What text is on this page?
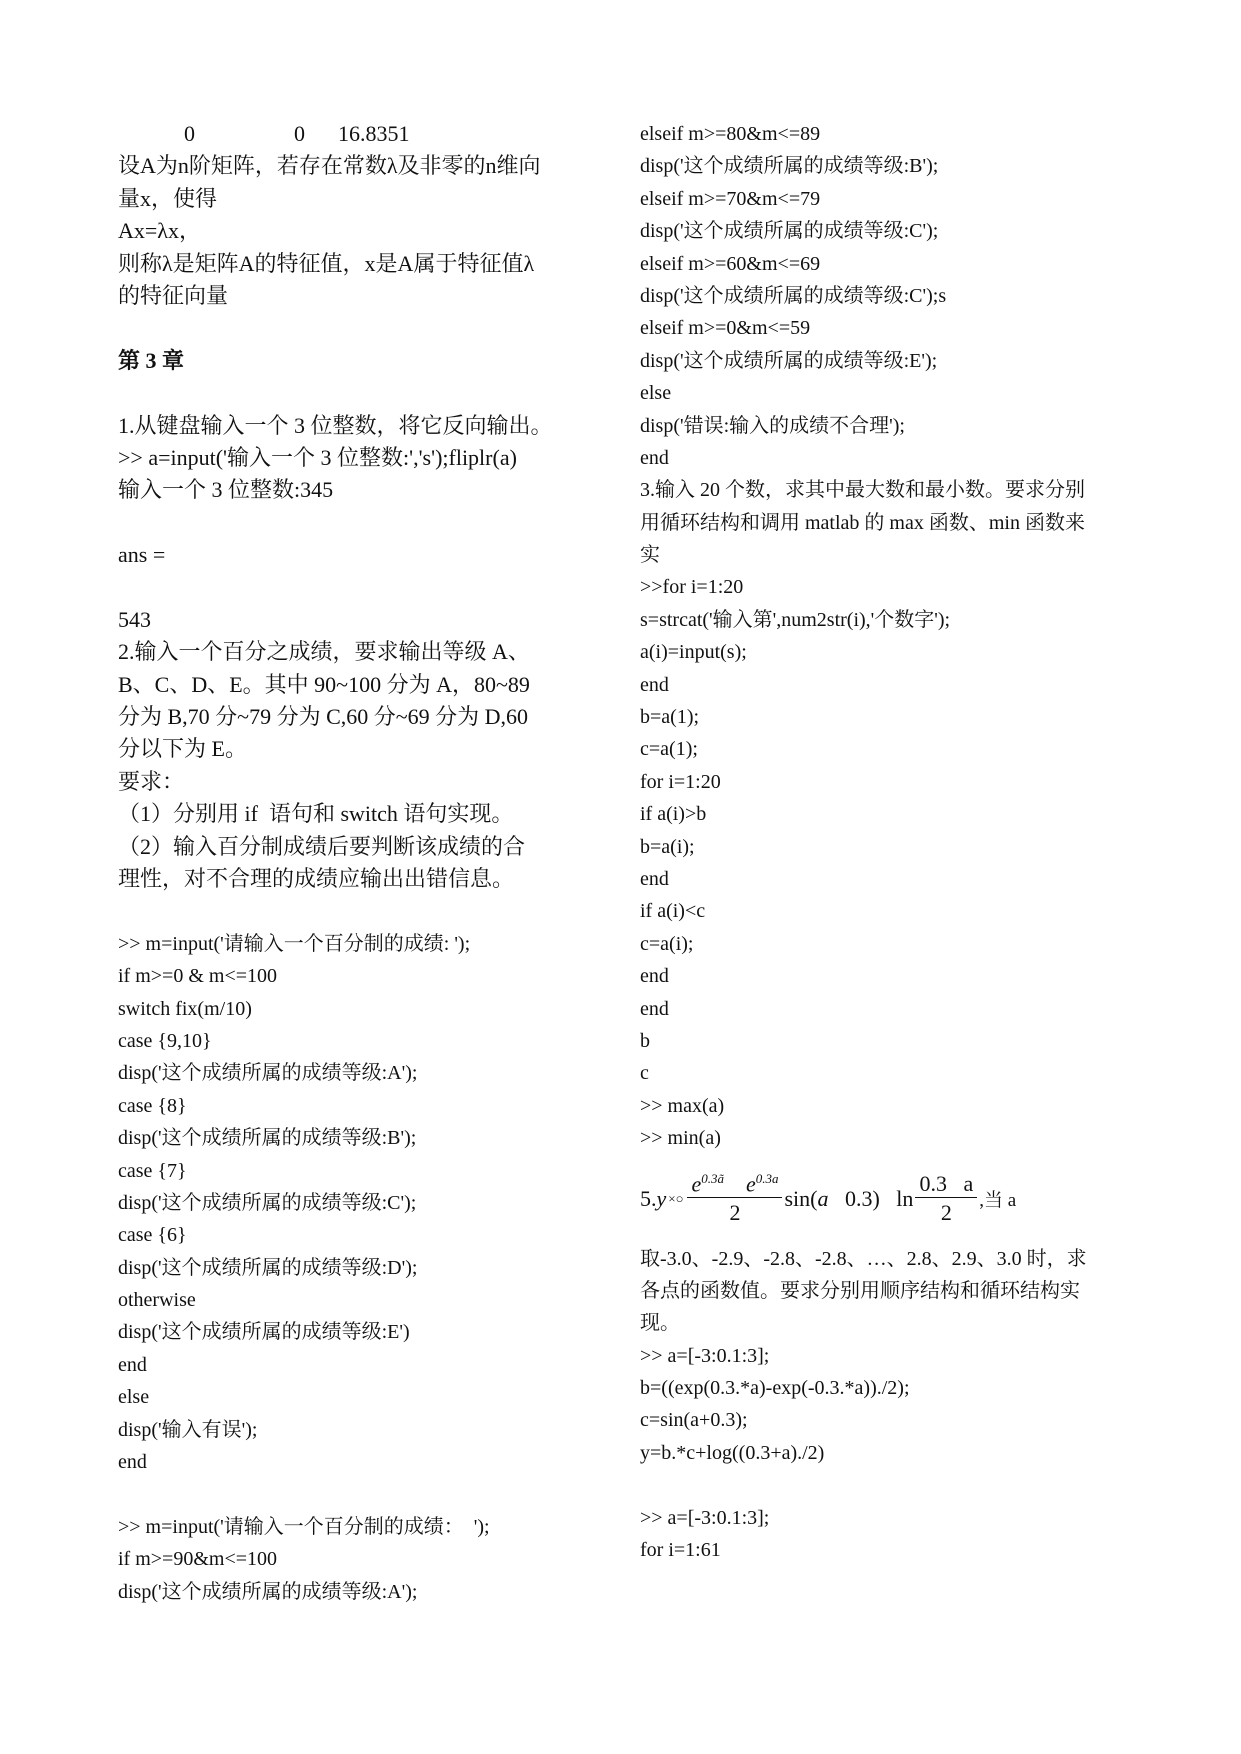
0                  0      16.8351
设A为n阶矩阵，若存在常数λ及非零的n维向
量x，使得
Ax=λx，
则称λ是矩阵A的特征值，x是A属于特征值λ
的特征向量
第 3 章
1.从键盘输入一个 3 位整数，将它反向输出。
>> a=input('输入一个 3 位整数:','s');fliplr(a)
输入一个 3 位整数:345
ans =
543
2.输入一个百分之成绩，要求输出等级 A、
B、C、D、E。其中 90~100 分为 A，80~89
分为 B,70 分~79 分为 C,60 分~69 分为 D,60
分以下为 E。
要求：
（1）分别用 if  语句和 switch 语句实现。
（2）输入百分制成绩后要判断该成绩的合
理性，对不合理的成绩应输出出错信息。
>> m=input('请输入一个百分制的成绩: ');
if m>=0 & m<=100
switch fix(m/10)
case {9,10}
disp('这个成绩所属的成绩等级:A');
case {8}
disp('这个成绩所属的成绩等级:B');
case {7}
disp('这个成绩所属的成绩等级:C');
case {6}
disp('这个成绩所属的成绩等级:D');
otherwise
disp('这个成绩所属的成绩等级:E')
end
else
disp('输入有误');
end
>> m=input('请输入一个百分制的成绩：  ');
if m>=90&m<=100
disp('这个成绩所属的成绩等级:A');
elseif m>=80&m<=89
disp('这个成绩所属的成绩等级:B');
elseif m>=70&m<=79
disp('这个成绩所属的成绩等级:C');
elseif m>=60&m<=69
disp('这个成绩所属的成绩等级:C');s
elseif m>=0&m<=59
disp('这个成绩所属的成绩等级:E');
else
disp('错误:输入的成绩不合理');
end
3.输入 20 个数，求其中最大数和最小数。要求分别
用循环结构和调用 matlab 的 max 函数、min 函数来
实
>>for i=1:20
s=strcat('输入第',num2str(i),'个数字');
a(i)=input(s);
end
b=a(1);
c=a(1);
for i=1:20
if a(i)>b
b=a(i);
end
if a(i)<c
c=a(i);
end
end
b
c
>> max(a)
>> min(a)
5. y ×○ $\frac{e^{0.3ã} e^{0.3a}}{2} \sin$( a 0.3)   $\ln \frac{0.3 a}{2}$ ,当 a
取-3.0、-2.9、-2.8、-2.8、…、2.8、2.9、3.0 时，求
各点的函数值。要求分别用顺序结构和循环结构实
现。
>> a=[-3:0.1:3];
b=((exp(0.3.*a)-exp(-0.3.*a))./2);
c=sin(a+0.3);
y=b.*c+log((0.3+a)./2)
>> a=[-3:0.1:3];
for i=1:61
